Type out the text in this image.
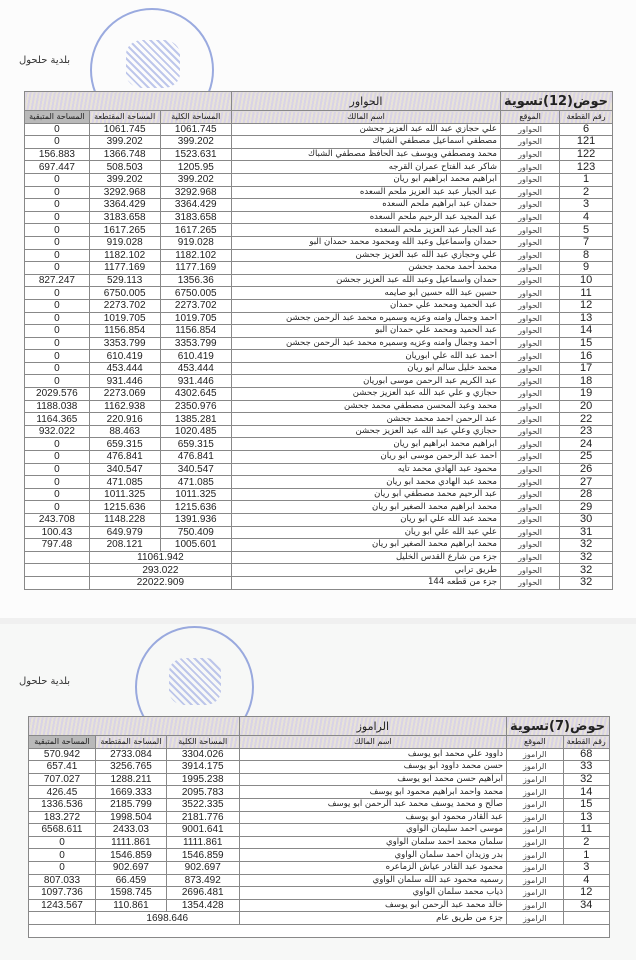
بلدية حلحول
حوض(12)تسوية		الحواور			
رقم القطعة	الموقع	اسم المالك	المساحة الكلية	المساحة المقتطعة	المساحة المتبقية
6	الحواور	علي حجازي عبد الله عبد العزيز جحشن	1061.745	1061.745	0
121	الحواور	مصطفي اسماعيل مصطفي الشباك	399.202	399.202	0
122	الحواور	محمد ومصطفي ويوسف عبد الحافظ مصطفي الشباك	1523.631	1366.748	156.883
123	الحواور	شاكر عبد الفتاح عمران القرجه	1205.95	508.503	697.447
1	الحواور	ابراهيم محمد ابراهيم ابو ريان	399.202	399.202	0
2	الحواور	عبد الجبار عبد عبد العزيز ملحم السعده	3292.968	3292.968	0
3	الحواور	حمدان عبد ابراهيم ملحم السعده	3364.429	3364.429	0
4	الحواور	عبد المجيد عبد الرحيم ملحم السعده	3183.658	3183.658	0
5	الحواور	عبد الجبار عبد العزيز ملحم السعده	1617.265	1617.265	0
7	الحواور	حمدان واسماعيل وعبد الله ومحمود محمد حمدان البو	919.028	919.028	0
8	الحواور	علي وحجازي عبد الله عبد العزيز جحشن	1182.102	1182.102	0
9	الحواور	محمد أحمد محمد جحشن	1177.169	1177.169	0
10	الحواور	حمدان واسماعيل وعبد الله عبد العزيز جحشن	1356.36	529.113	827.247
11	الحواور	حسين عبد الله حسين ابو صايمه	6750.005	6750.005	0
12	الحواور	عبد الحميد ومحمد علي حمدان	2273.702	2273.702	0
13	الحواور	احمد وجمال وامنه وعزيه وسميره محمد عبد الرحمن جحشن	1019.705	1019.705	0
14	الحواور	عبد الحميد ومحمد علي حمدان البو	1156.854	1156.854	0
15	الحواور	احمد وجمال وامنه وعزيه وسميره محمد عبد الرحمن جحشن	3353.799	3353.799	0
16	الحواور	احمد عبد الله علي ابوريان	610.419	610.419	0
17	الحواور	محمد خليل سالم ابو ريان	453.444	453.444	0
18	الحواور	عبد الكريم عبد الرحمن موسى ابوريان	931.446	931.446	0
19	الحواور	حجازي و علي عبد الله عبد العزيز جحشن	4302.645	2273.069	2029.576
20	الحواور	محمد وعبد المحسن مصطفي محمد جحشن	2350.976	1162.938	1188.038
22	الحواور	عبد الرحمن احمد محمد جحشن	1385.281	220.916	1164.365
23	الحواور	حجازي وعلي عبد الله عبد العزيز جحشن	1020.485	88.463	932.022
24	الحواور	ابراهيم محمد ابراهيم ابو ريان	659.315	659.315	0
25	الحواور	احمد عبد الرحمن موسى ابو ريان	476.841	476.841	0
26	الحواور	محمود عبد الهادي محمد تايه	340.547	340.547	0
27	الحواور	محمد عبد الهادي محمد ابو ريان	471.085	471.085	0
28	الحواور	عبد الرحيم محمد مصطفي ابو ريان	1011.325	1011.325	0
29	الحواور	محمد ابراهيم محمد الصغير ابو ريان	1215.636	1215.636	0
30	الحواور	محمد عبد الله علي ابو ريان	1391.936	1148.228	243.708
31	الحواور	علي عبد الله علي ابو ريان	750.409	649.979	100.43
32	الحواور	محمد ابراهيم محمد الصغير ابو ريان	1005.601	208.121	797.48
32	الحواور	جزء من شارع القدس الخليل	11061.942		
32	الحواور	طريق ترابي	293.022		
32	الحواور	جزء من قطعه 144	22022.909		
بلدية حلحول
حوض(7)تسوية		الراموز			
رقم القطعة	الموقع	اسم المالك	المساحة الكلية	المساحة المقتطعة	المساحة المتبقية
68	الراموز	داوود علي محمد ابو يوسف	3304.026	2733.084	570.942
33	الراموز	حسن محمد داوود ابو يوسف	3914.175	3256.765	657.41
32	الراموز	ابراهيم حسن محمد ابو يوسف	1995.238	1288.211	707.027
14	الراموز	محمد واحمد ابراهيم محمود ابو يوسف	2095.783	1669.333	426.45
15	الراموز	صالح و محمد يوسف محمد عبد الرحمن ابو يوسف	3522.335	2185.799	1336.536
13	الراموز	عبد القادر محمود ابو يوسف	2181.776	1998.504	183.272
11	الراموز	موسى احمد سليمان الواوي	9001.641	2433.03	6568.611
2	الراموز	سلمان محمد احمد سلمان الواوي	1111.861	1111.861	0
1	الراموز	بدر وزيدان احمد سلمان الواوي	1546.859	1546.859	0
3	الراموز	محمود عبد القادر عياش الزماعره	902.697	902.697	0
4	الراموز	رسميه محمود عبد الله سلمان الواوي	873.492	66.459	807.033
12	الراموز	ذياب محمد سلمان الواوي	2696.481	1598.745	1097.736
34	الراموز	خالد محمد عبد الرحمن ابو يوسف	1354.428	110.861	1243.567
	الراموز	جزء من طريق عام	1698.646		
